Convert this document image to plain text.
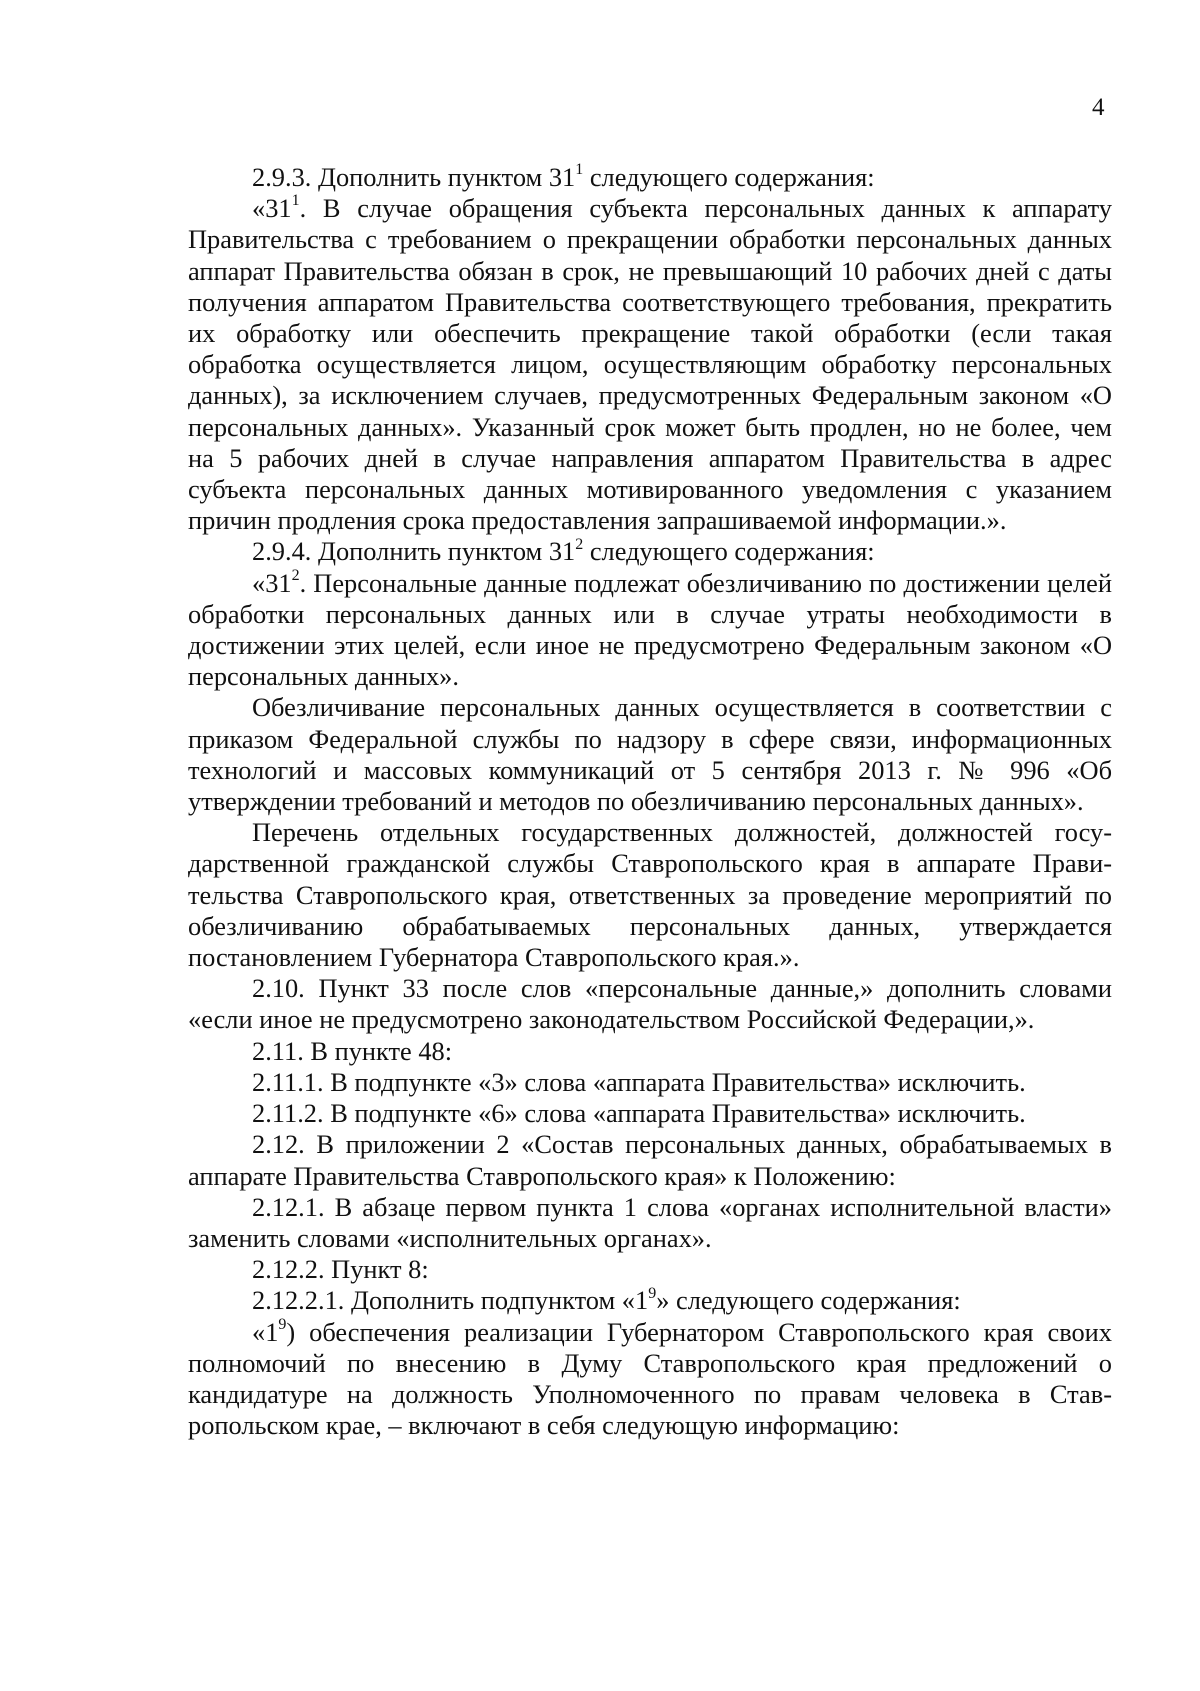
4

2.9.3. Дополнить пунктом $31^1$ следующего содержания:

«$31^1$. В случае обращения субъекта персональных данных к аппарату Правительства с требованием о прекращении обработки персональных данных аппарат Правительства обязан в срок, не превышающий 10 рабочих дней с даты получения аппаратом Правительства соответствующего требования, прекратить их обработку или обеспечить прекращение такой обработки (если такая обработка осуществляется лицом, осуществляющим обработку персональных данных), за исключением случаев, предусмотренных Федеральным законом «О персональных данных». Указанный срок может быть продлен, но не более, чем на 5 рабочих дней в случае направления аппаратом Правительства в адрес субъекта персональных данных мотивированного уведомления с указанием причин продления срока предоставления запрашиваемой информации.».

2.9.4. Дополнить пунктом $31^2$ следующего содержания:

«$31^2$. Персональные данные подлежат обезличиванию по достижении целей обработки персональных данных или в случае утраты необходимости в достижении этих целей, если иное не предусмотрено Федеральным законом «О персональных данных».

Обезличивание персональных данных осуществляется в соответствии с приказом Федеральной службы по надзору в сфере связи, информационных технологий и массовых коммуникаций от 5 сентября 2013 г. № 996 «Об утверждении требований и методов по обезличиванию персональных данных».

Перечень отдельных государственных должностей, должностей государственной гражданской службы Ставропольского края в аппарате Правительства Ставропольского края, ответственных за проведение мероприятий по обезличиванию обрабатываемых персональных данных, утверждается постановлением Губернатора Ставропольского края.».

2.10. Пункт 33 после слов «персональные данные,» дополнить словами «если иное не предусмотрено законодательством Российской Федерации,».

2.11. В пункте 48:

2.11.1. В подпункте «3» слова «аппарата Правительства» исключить.

2.11.2. В подпункте «6» слова «аппарата Правительства» исключить.

2.12. В приложении 2 «Состав персональных данных, обрабатываемых в аппарате Правительства Ставропольского края» к Положению:

2.12.1. В абзаце первом пункта 1 слова «органах исполнительной власти» заменить словами «исполнительных органах».

2.12.2. Пункт 8:

2.12.2.1. Дополнить подпунктом «$1^9$» следующего содержания:

«$1^9$) обеспечения реализации Губернатором Ставропольского края своих полномочий по внесению в Думу Ставропольского края предложений о кандидатуре на должность Уполномоченного по правам человека в Ставропольском крае, – включают в себя следующую информацию:
